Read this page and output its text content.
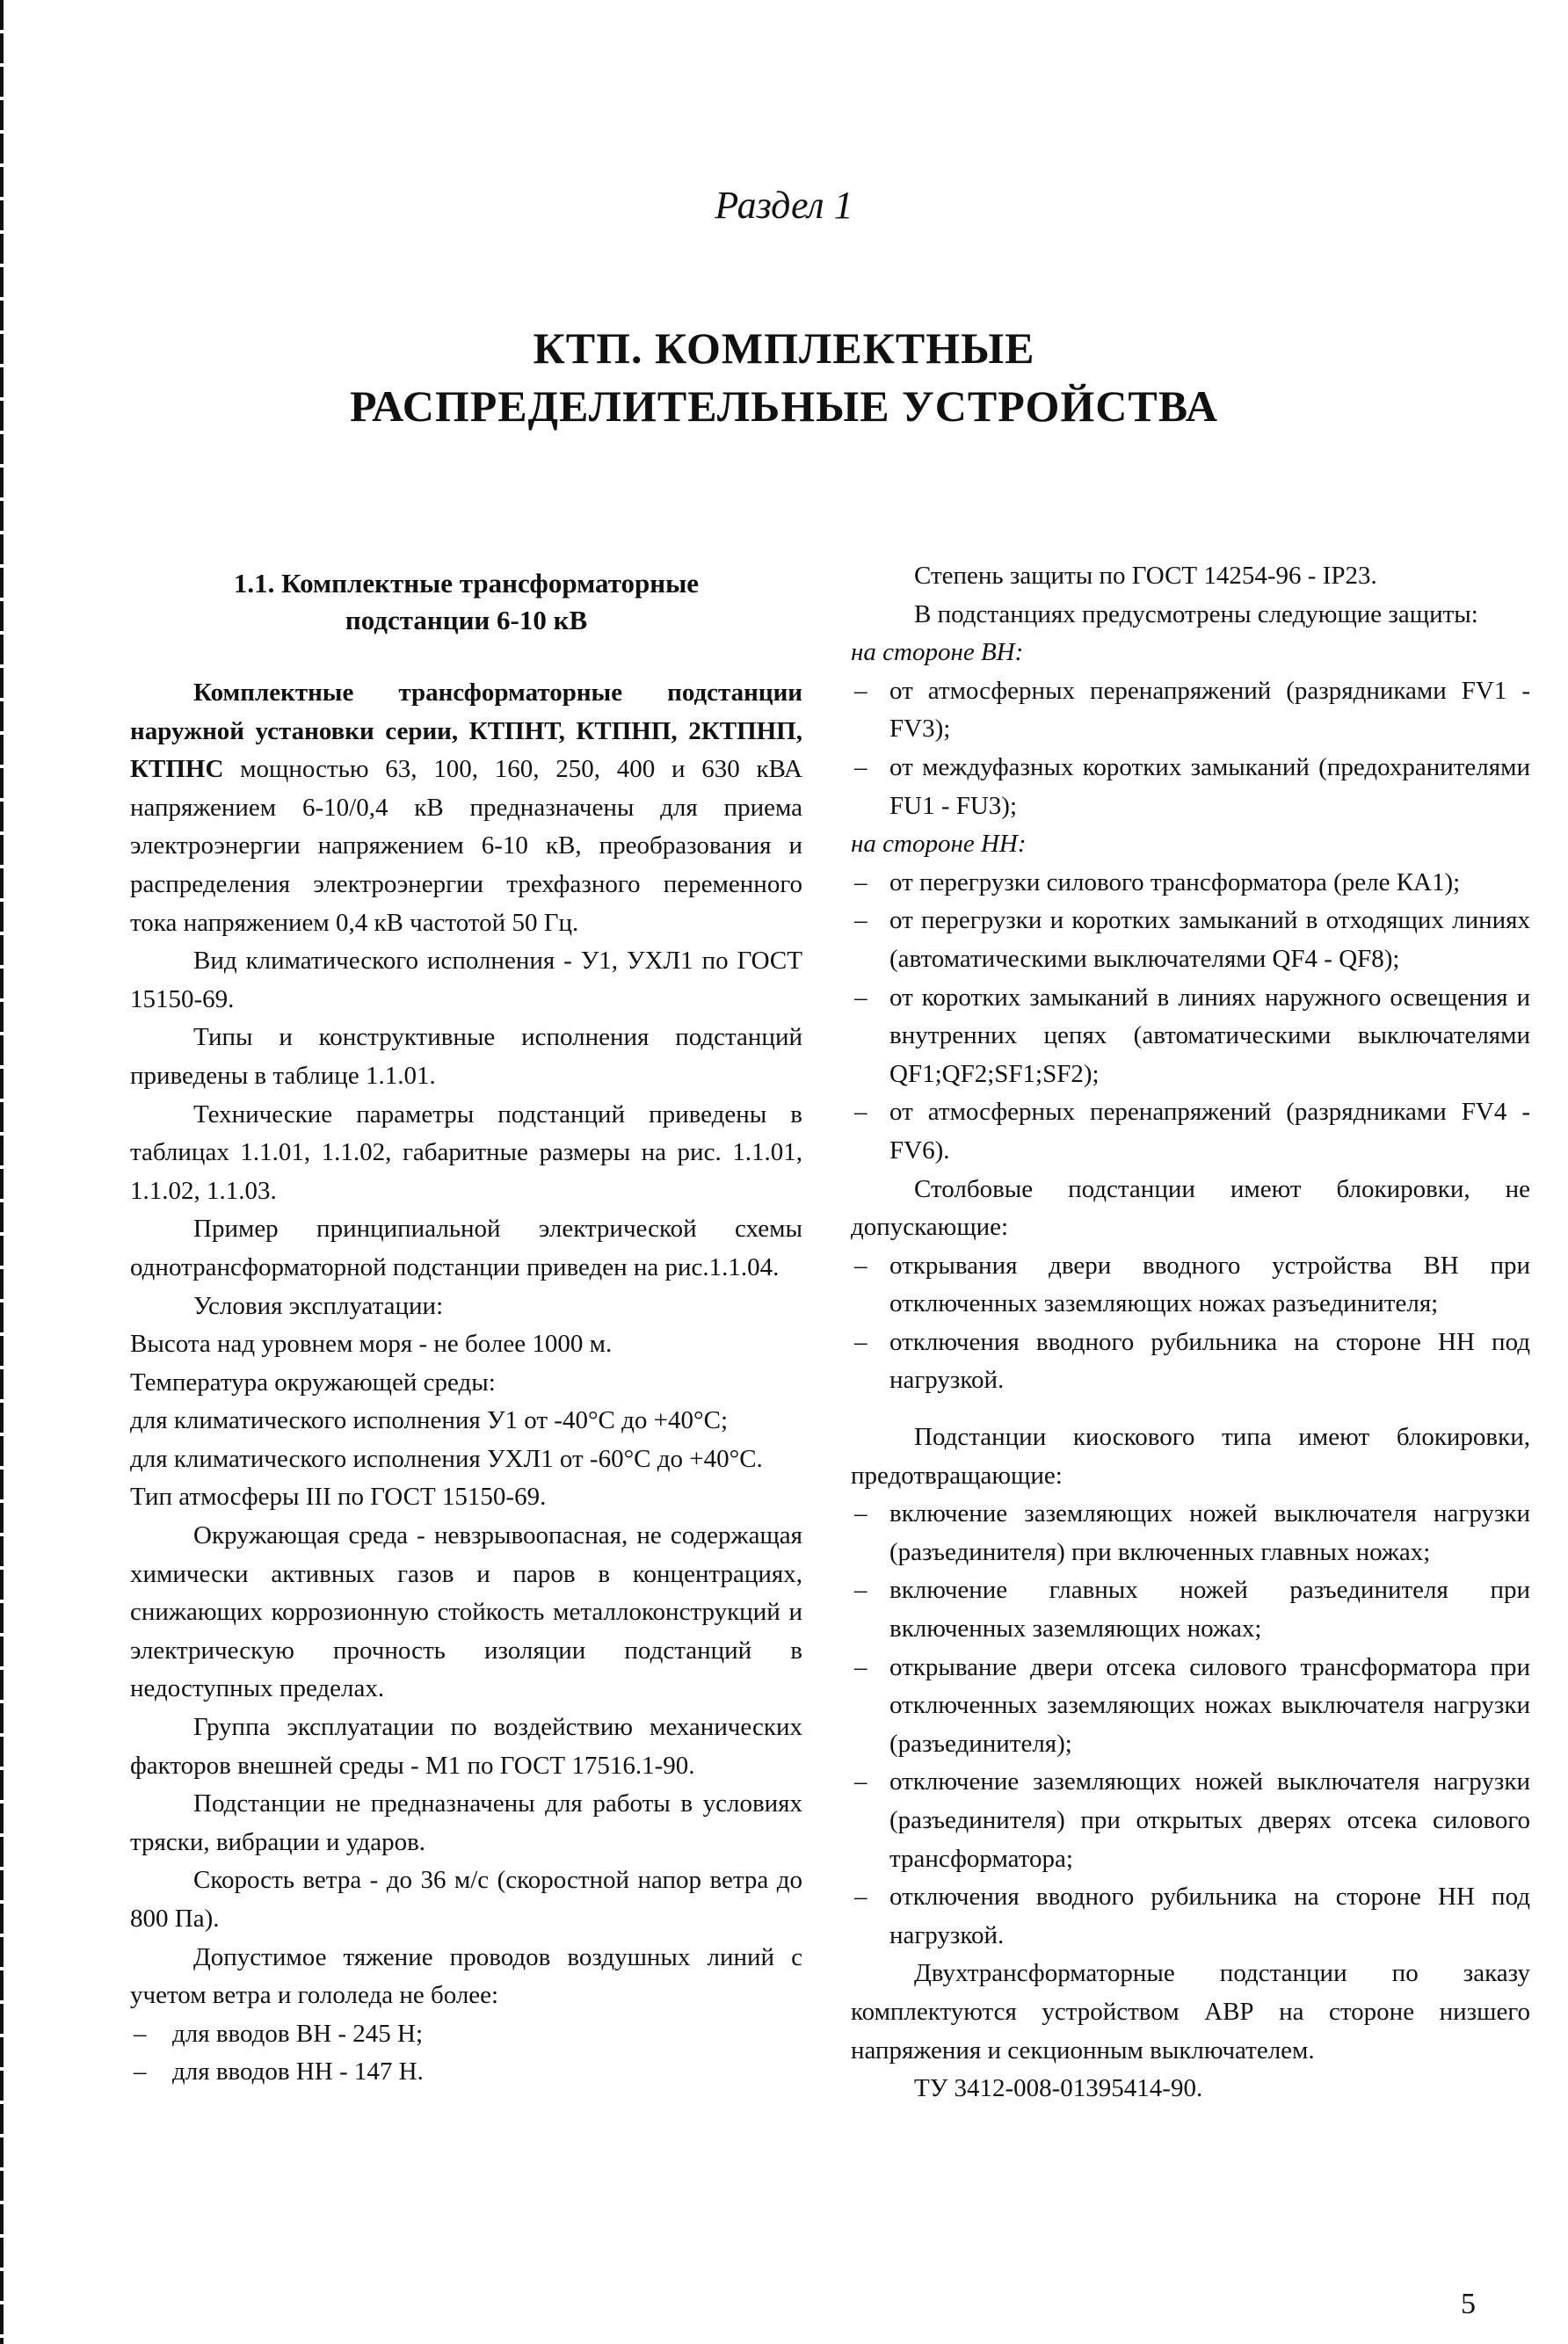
Раздел 1
КТП. КОМПЛЕКТНЫЕ
РАСПРЕДЕЛИТЕЛЬНЫЕ УСТРОЙСТВА
1.1. Комплектные трансформаторные
подстанции 6-10 кВ

Комплектные трансформаторные подстанции наружной установки серии, КТПНТ, КТПНП, 2КТПНП, КТПНС мощностью 63, 100, 160, 250, 400 и 630 кВА напряжением 6-10/0,4 кВ предназначены для приема электроэнергии напряжением 6-10 кВ, преобразования и распределения электроэнергии трехфазного переменного тока напряжением 0,4 кВ частотой 50 Гц.

Вид климатического исполнения - У1, УХЛ1 по ГОСТ 15150-69.

Типы и конструктивные исполнения подстанций приведены в таблице 1.1.01.

Технические параметры подстанций приведены в таблицах 1.1.01, 1.1.02, габаритные размеры на рис. 1.1.01, 1.1.02, 1.1.03.

Пример принципиальной электрической схемы однотрансформаторной подстанции приведен на рис.1.1.04.

Условия эксплуатации:

Высота над уровнем моря - не более 1000 м.

Температура окружающей среды:

для климатического исполнения У1 от -40°С до +40°С;

для климатического исполнения УХЛ1 от -60°С до +40°С.

Тип атмосферы III по ГОСТ 15150-69.

Окружающая среда - невзрывоопасная, не содержащая химически активных газов и паров в концентрациях, снижающих коррозионную стойкость металлоконструкций и электрическую прочность изоляции подстанций в недоступных пределах.

Группа эксплуатации по воздействию механических факторов внешней среды - М1 по ГОСТ 17516.1-90.

Подстанции не предназначены для работы в условиях тряски, вибрации и ударов.

Скорость ветра - до 36 м/с (скоростной напор ветра до 800 Па).

Допустимое тяжение проводов воздушных линий с учетом ветра и гололеда не более:

– для вводов ВН - 245 Н;

– для вводов НН - 147 Н.

Степень защиты по ГОСТ 14254-96 - IP23.

В подстанциях предусмотрены следующие защиты:

на стороне ВН:

– от атмосферных перенапряжений (разрядниками FV1 - FV3);

– от междуфазных коротких замыканий (предохранителями FU1 - FU3);

на стороне НН:

– от перегрузки силового трансформатора (реле КА1);

– от перегрузки и коротких замыканий в отходящих линиях (автоматическими выключателями QF4 - QF8);

– от коротких замыканий в линиях наружного освещения и внутренних цепях (автоматическими выключателями QF1;QF2;SF1;SF2);

– от атмосферных перенапряжений (разрядниками FV4 - FV6).

Столбовые подстанции имеют блокировки, не допускающие:

– открывания двери вводного устройства ВН при отключенных заземляющих ножах разъединителя;

– отключения вводного рубильника на стороне НН под нагрузкой.

Подстанции киоскового типа имеют блокировки, предотвращающие:

– включение заземляющих ножей выключателя нагрузки (разъединителя) при включенных главных ножах;

– включение главных ножей разъединителя при включенных заземляющих ножах;

– открывание двери отсека силового трансформатора при отключенных заземляющих ножах выключателя нагрузки (разъединителя);

– отключение заземляющих ножей выключателя нагрузки (разъединителя) при открытых дверях отсека силового трансформатора;

– отключения вводного рубильника на стороне НН под нагрузкой.

Двухтрансформаторные подстанции по заказу комплектуются устройством АВР на стороне низшего напряжения и секционным выключателем.

ТУ 3412-008-01395414-90.

5
